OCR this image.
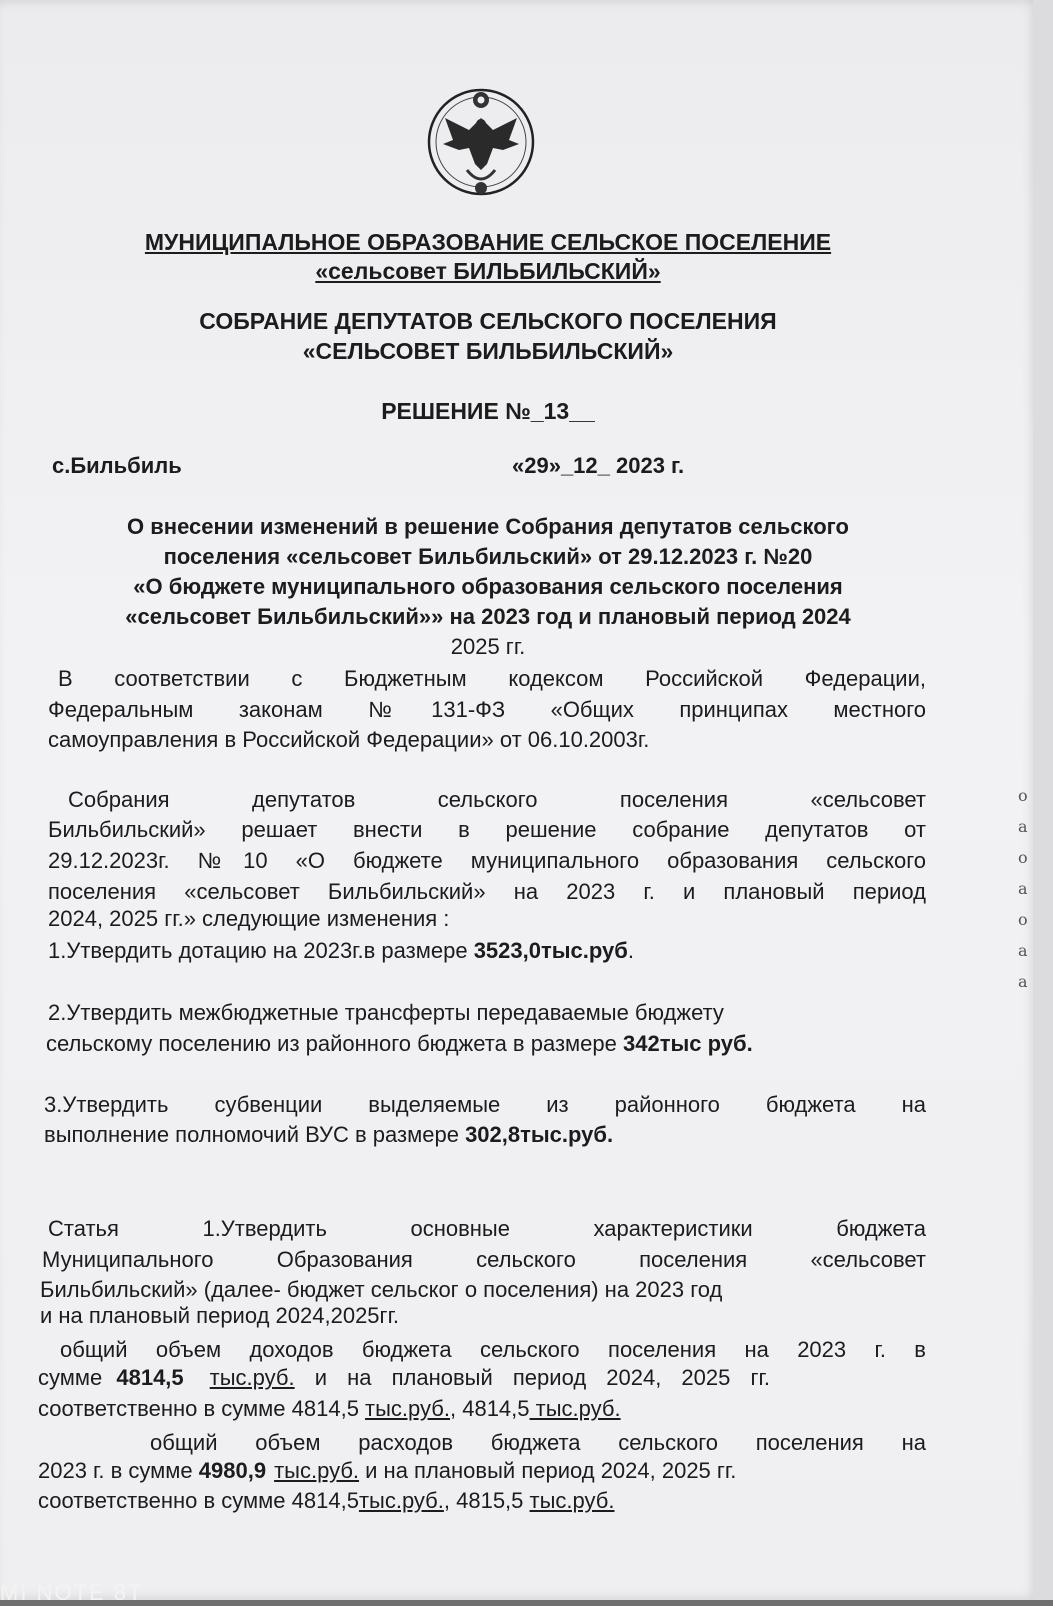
МУНИЦИПАЛЬНОЕ ОБРАЗОВАНИЕ СЕЛЬСКОЕ ПОСЕЛЕНИЕ
«сельсовет БИЛЬБИЛЬСКИЙ»
СОБРАНИЕ ДЕПУТАТОВ СЕЛЬСКОГО ПОСЕЛЕНИЯ
«СЕЛЬСОВЕТ БИЛЬБИЛЬСКИЙ»
РЕШЕНИЕ №_13__
с.Бильбиль	«29»_12_ 2023 г.
О внесении изменений в решение Собрания депутатов сельского
поселения «сельсовет Бильбильский» от 29.12.2023 г. №20
«О бюджете муниципального образования сельского поселения
«сельсовет Бильбильский»» на 2023 год и плановый период 2024
2025 гг.
В соответствии с Бюджетным кодексом Российской Федерации,
Федеральным законам №131-ФЗ «Общих принципах местного
самоуправления в Российской Федерации» от 06.10.2003г.
Собрания депутатов сельского поселения «сельсовет
Бильбильский» решает внести в решение собрание депутатов от
29.12.2023г. №10 «О бюджете муниципального образования сельского
поселения «сельсовет Бильбильский» на 2023 г. и плановый период
2024, 2025 гг.» следующие изменения :
1.Утвердить дотацию на 2023г.в размере 3523,0тыс.руб.
2.Утвердить межбюджетные трансферты передаваемые бюджету
сельскому поселению из районного бюджета в размере 342тыс руб.
3.Утвердить субвенции выделяемые из районного бюджета на
выполнение полномочий ВУС в размере 302,8тыс.руб.
Статья 1.Утвердить основные характеристики бюджета
Муниципального Образования сельского поселения «сельсовет
Бильбильский» (далее- бюджет сельског о поселения) на 2023 год
и на плановый период 2024,2025гг.
общий объем доходов бюджета сельского поселения на 2023 г. в
сумме 4814,5 тыс.руб. и на плановый период 2024, 2025 гг.
соответственно в сумме 4814,5 тыс.руб., 4814,5 тыс.руб.
общий объем расходов бюджета сельского поселения на
2023 г. в сумме 4980,9 тыс.руб. и на плановый период 2024, 2025 гг.
соответственно в сумме 4814,5тыс.руб., 4815,5 тыс.руб.
о
а
о
а
о
а
а
MI NOTE 8T
